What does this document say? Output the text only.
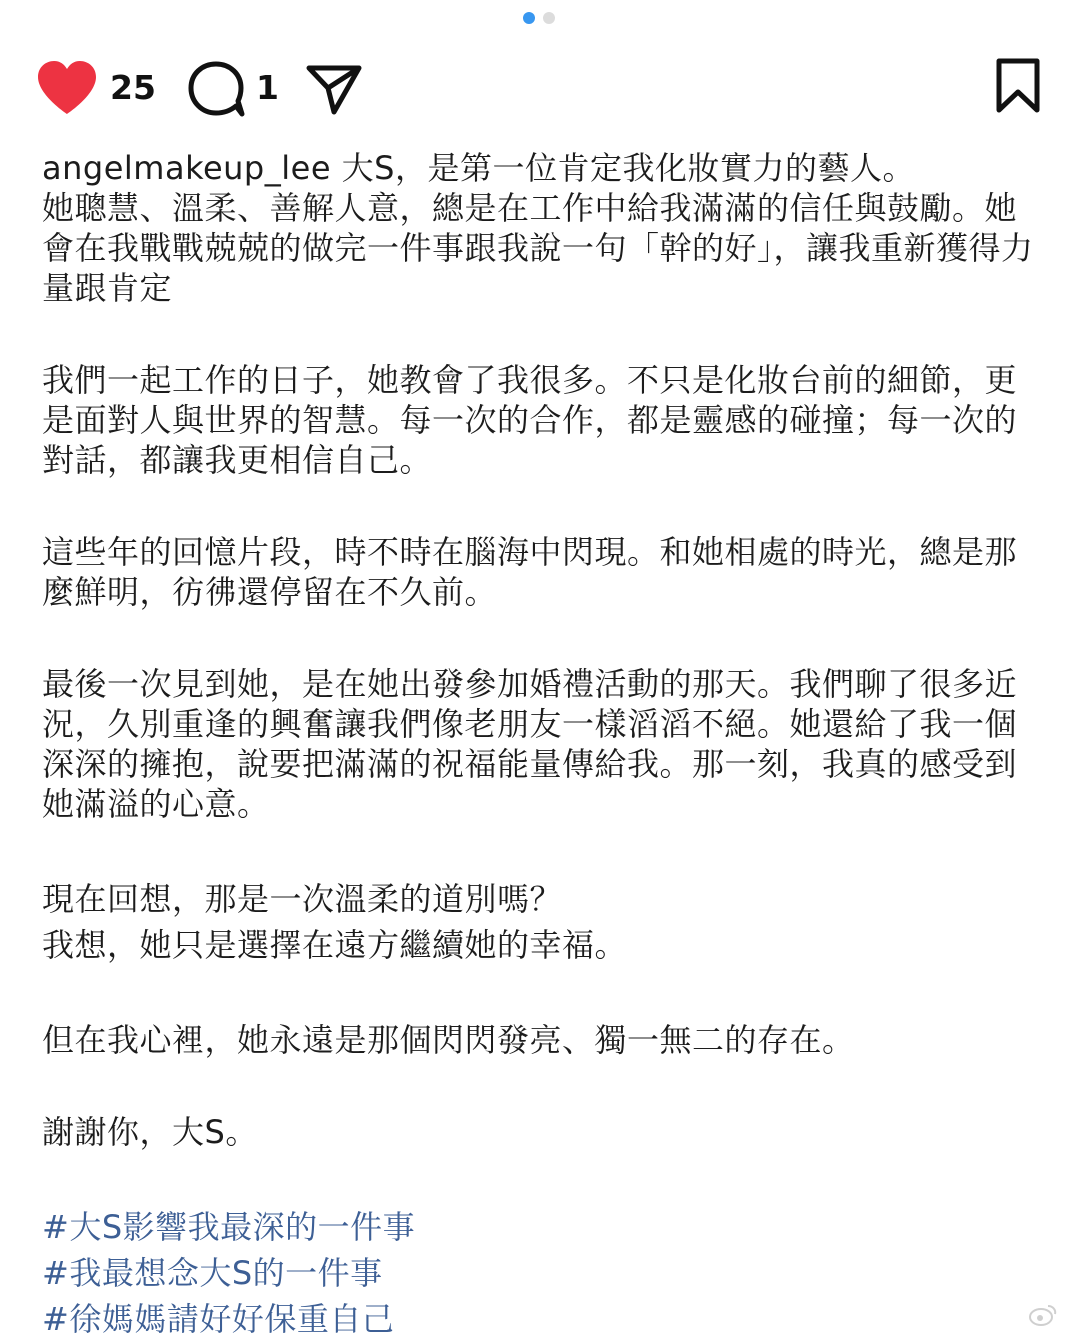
25	1

angelmakeup_lee 大S，是第一位肯定我化妝實力的藝人。

她聰慧、溫柔、善解人意，總是在工作中給我滿滿的信任與鼓勵。她會在我戰戰兢兢的做完一件事跟我說一句「幹的好」，讓我重新獲得力量跟肯定

我們一起工作的日子，她教會了我很多。不只是化妝台前的細節，更是面對人與世界的智慧。每一次的合作，都是靈感的碰撞；每一次的對話，都讓我更相信自己。

這些年的回憶片段，時不時在腦海中閃現。和她相處的時光，總是那麼鮮明，彷彿還停留在不久前。

最後一次見到她，是在她出發參加婚禮活動的那天。我們聊了很多近況，久別重逢的興奮讓我們像老朋友一樣滔滔不絕。她還給了我一個深深的擁抱，說要把滿滿的祝福能量傳給我。那一刻，我真的感受到她滿溢的心意。

現在回想，那是一次溫柔的道別嗎？

我想，她只是選擇在遠方繼續她的幸福。

但在我心裡，她永遠是那個閃閃發亮、獨一無二的存在。

謝謝你，大S。

#大S影響我最深的一件事
#我最想念大S的一件事
#徐媽媽請好好保重自己
